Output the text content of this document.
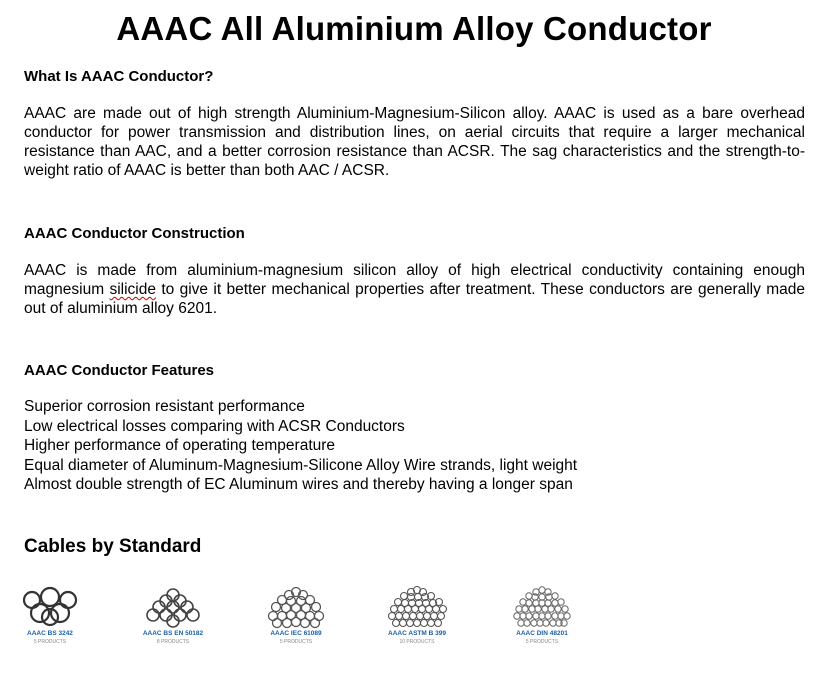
AAAC All Aluminium Alloy Conductor
What Is AAAC Conductor?
AAAC are made out of high strength Aluminium-Magnesium-Silicon alloy. AAAC is used as a bare overhead conductor for power transmission and distribution lines, on aerial circuits that require a larger mechanical resistance than AAC, and a better corrosion resistance than ACSR. The sag characteristics and the strength-to-weight ratio of AAAC is better than both AAC / ACSR.
AAAC Conductor Construction
AAAC is made from aluminium-magnesium silicon alloy of high electrical conductivity containing enough magnesium silicide to give it better mechanical properties after treatment. These conductors are generally made out of aluminium alloy 6201.
AAAC Conductor Features
Superior corrosion resistant performance
Low electrical losses comparing with ACSR Conductors
Higher performance of operating temperature
Equal diameter of Aluminum-Magnesium-Silicone Alloy Wire strands, light weight
Almost double strength of EC Aluminum wires and thereby having a longer span
Cables by Standard
AAAC BS 3242
5 PRODUCTS
AAAC BS EN 50182
8 PRODUCTS
AAAC IEC 61089
5 PRODUCTS
AAAC ASTM B 399
10 PRODUCTS
AAAC DIN 48201
5 PRODUCTS
